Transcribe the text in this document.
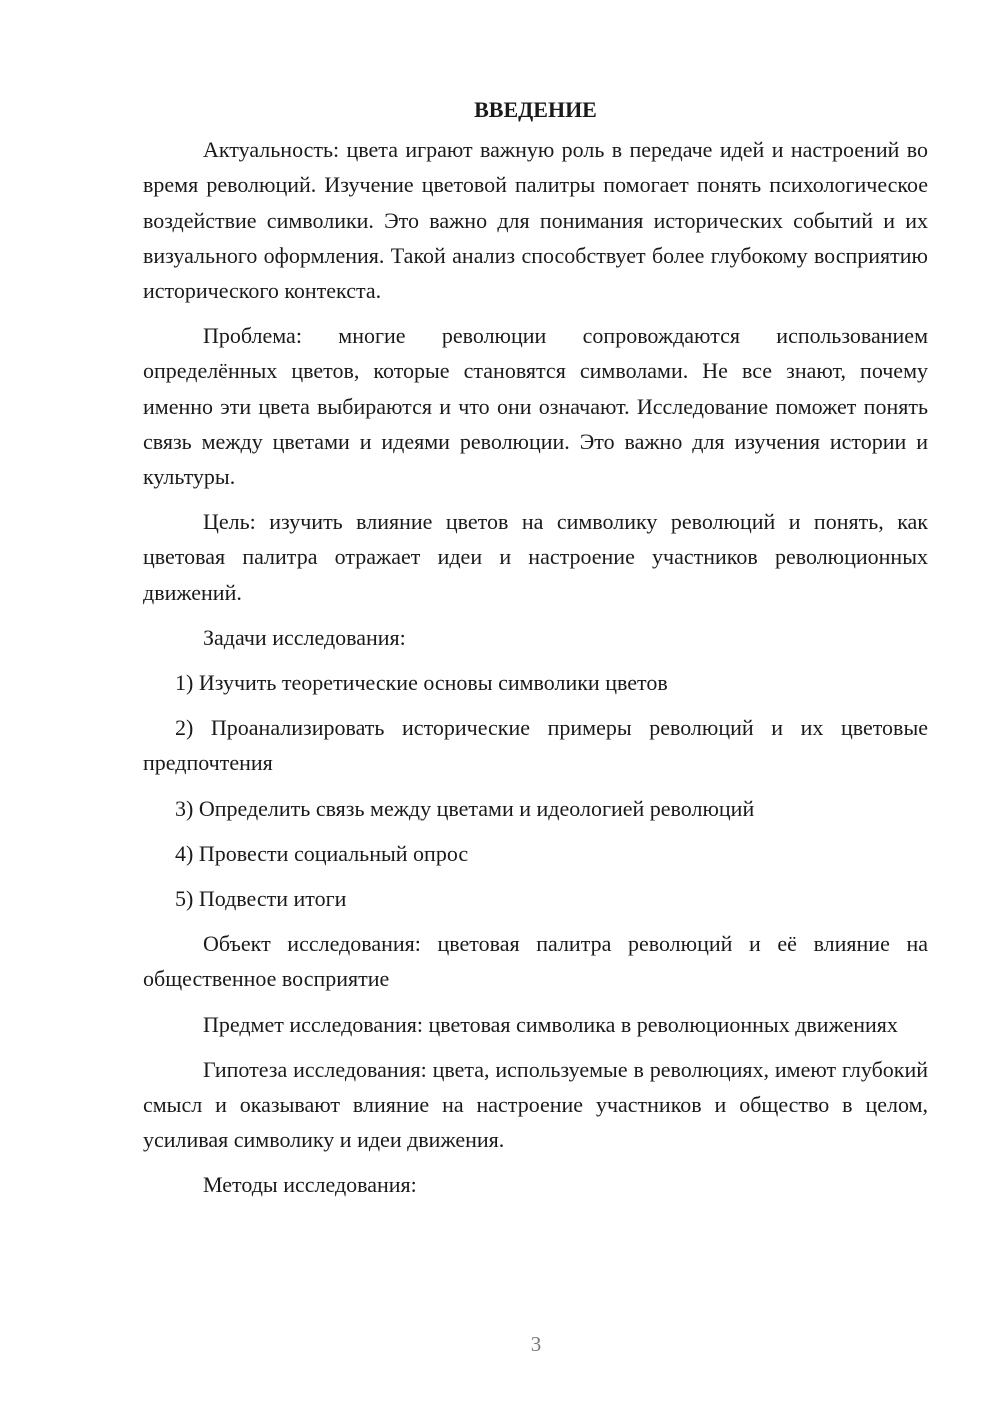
ВВЕДЕНИЕ

Актуальность: цвета играют важную роль в передаче идей и настроений во время революций. Изучение цветовой палитры помогает понять психологическое воздействие символики. Это важно для понимания исторических событий и их визуального оформления. Такой анализ способствует более глубокому восприятию исторического контекста.

Проблема: многие революции сопровождаются использованием определённых цветов, которые становятся символами. Не все знают, почему именно эти цвета выбираются и что они означают. Исследование поможет понять связь между цветами и идеями революции. Это важно для изучения истории и культуры.

Цель: изучить влияние цветов на символику революций и понять, как цветовая палитра отражает идеи и настроение участников революционных движений.

Задачи исследования:

1) Изучить теоретические основы символики цветов

2) Проанализировать исторические примеры революций и их цветовые предпочтения

3) Определить связь между цветами и идеологией революций

4) Провести социальный опрос

5) Подвести итоги

Объект исследования: цветовая палитра революций и её влияние на общественное восприятие

Предмет исследования: цветовая символика в революционных движениях

Гипотеза исследования: цвета, используемые в революциях, имеют глубокий смысл и оказывают влияние на настроение участников и общество в целом, усиливая символику и идеи движения.

Методы исследования:

3
